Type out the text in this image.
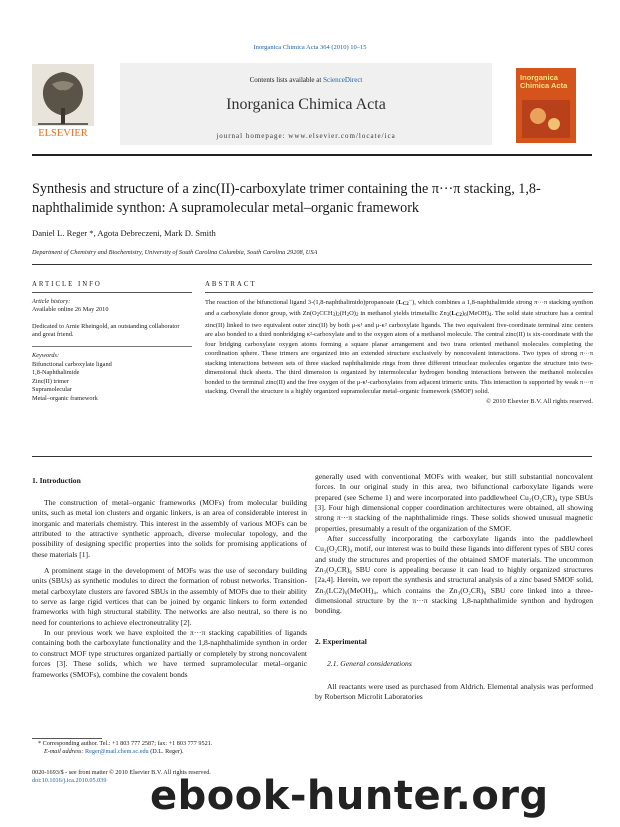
Inorganica Chimica Acta 364 (2010) 10–15
Contents lists available at ScienceDirect
Inorganica Chimica Acta
journal homepage: www.elsevier.com/locate/ica
ELSEVIER
Inorganica
Chimica Acta
Synthesis and structure of a zinc(II)-carboxylate trimer containing the π···π stacking, 1,8-naphthalimide synthon: A supramolecular metal–organic framework
Daniel L. Reger *, Agota Debreczeni, Mark D. Smith
Department of Chemistry and Biochemistry, University of South Carolina Columbia, South Carolina 29208, USA
ARTICLE INFO
Article history:
Available online 26 May 2010
Dedicated to Arnie Rheingold, an outstanding collaborator and great friend.
Keywords:
Bifunctional carboxylate ligand
1,8-Naphthalimide
Zinc(II) trimer
Supramolecular
Metal–organic framework
ABSTRACT
The reaction of the bifunctional ligand 3-(1,8-naphthalimido)propanoate $(L_{C2}^-)$, which combines a 1,8-naphthalimide strong π···π stacking synthon and a carboxylate donor group, with $Zn(O_2CCH_3)_2(H_2O)_2$ in methanol yields trimetallic $Zn_3(L_{C2})_6(MeOH)_4$. The solid state structure has a central zinc(II) linked to two equivalent outer zinc(II) by both μ-κ¹ and μ-κ² carboxylate ligands. The two equivalent five-coordinate terminal zinc centers are also bonded to a third nonbridging κ²-carboxylate and to the oxygen atom of a methanol molecule. The central zinc(II) is six-coordinate with the four bridging carboxylate oxygen atoms forming a square planar arrangement and two trans oriented methanol molecules completing the coordination sphere. These trimers are organized into an extended structure exclusively by noncovalent interactions. Two types of strong π···π stacking interactions between sets of three stacked naphthalimide rings from three different trinuclear molecules organize the structure into two-dimensional thick sheets. The third dimension is organized by intermolecular hydrogen bonding interactions between the methanol molecules bonded to the terminal zinc(II) and the free oxygen of the μ-κ¹-carboxylates from adjacent trimeric units. This interaction is supported by weak π···π stacking. Overall the structure is a highly organized supramolecular metal–organic framework (SMOF) solid.
© 2010 Elsevier B.V. All rights reserved.
1. Introduction

The construction of metal–organic frameworks (MOFs) from molecular building units, such as metal ion clusters and organic linkers, is an area of considerable interest in inorganic and materials chemistry. This interest in the assembly of various MOFs can be attributed to the attractive synthetic approach, diverse molecular topology, and the possibility of designing specific properties into the solids for promising applications of these materials [1].

A prominent stage in the development of MOFs was the use of secondary building units (SBUs) as synthetic modules to direct the formation of robust networks. Transition-metal carboxylate clusters are favored SBUs in the assembly of MOFs due to their ability to serve as large rigid vertices that can be joined by organic linkers to form extended frameworks with high structural stability. The networks are also neutral, so there is no need for counterions to achieve electroneutrality [2].

In our previous work we have exploited the π···π stacking capabilities of ligands containing both the carboxylate functionality and the 1,8-naphthalimide synthon in order to construct MOF type structures organized partially or completely by strong noncovalent forces [3]. These solids, which we have termed supramolecular metal–organic frameworks (SMOFs), combine the covalent bonds

generally used with conventional MOFs with weaker, but still substantial noncovalent forces. In our original study in this area, two bifunctional carboxylate ligands were prepared (see Scheme 1) and were incorporated into paddlewheel Cu₂(O₂CR)₄ type SBUs [3]. Four high dimensional copper coordination architectures were obtained, all showing strong π···π stacking of the naphthalimide rings. These solids showed unusual magnetic properties, presumably a result of the organization of the SMOF.

After successfully incorporating the carboxylate ligands into the paddlewheel Cu₂(O₂CR)₄ motif, our interest was to build these ligands into different types of SBU cores and study the structures and properties of the obtained SMOF materials. The uncommon Zn₃(O₂CR)₆ SBU core is appealing because it can lead to highly organized structures [2a,4]. Herein, we report the synthesis and structural analysis of a zinc based SMOF solid, Zn₃(LC2)₆(MeOH)₄, which contains the Zn₃(O₂CR)₆ SBU core linked into a three-dimensional structure by the π···π stacking 1,8-naphthalimide synthon and hydrogen bonding.

2. Experimental
2.1. General considerations

All reactants were used as purchased from Aldrich. Elemental analysis was performed by Robertson Microlit Laboratories

* Corresponding author. Tel.: +1 803 777 2587; fax: +1 803 777 9521.
E-mail address: Reger@mail.chem.sc.edu (D.L. Reger).
0020-1693/$ - see front matter © 2010 Elsevier B.V. All rights reserved.
doi:10.1016/j.ica.2010.05.039	ebook-hunter.org
